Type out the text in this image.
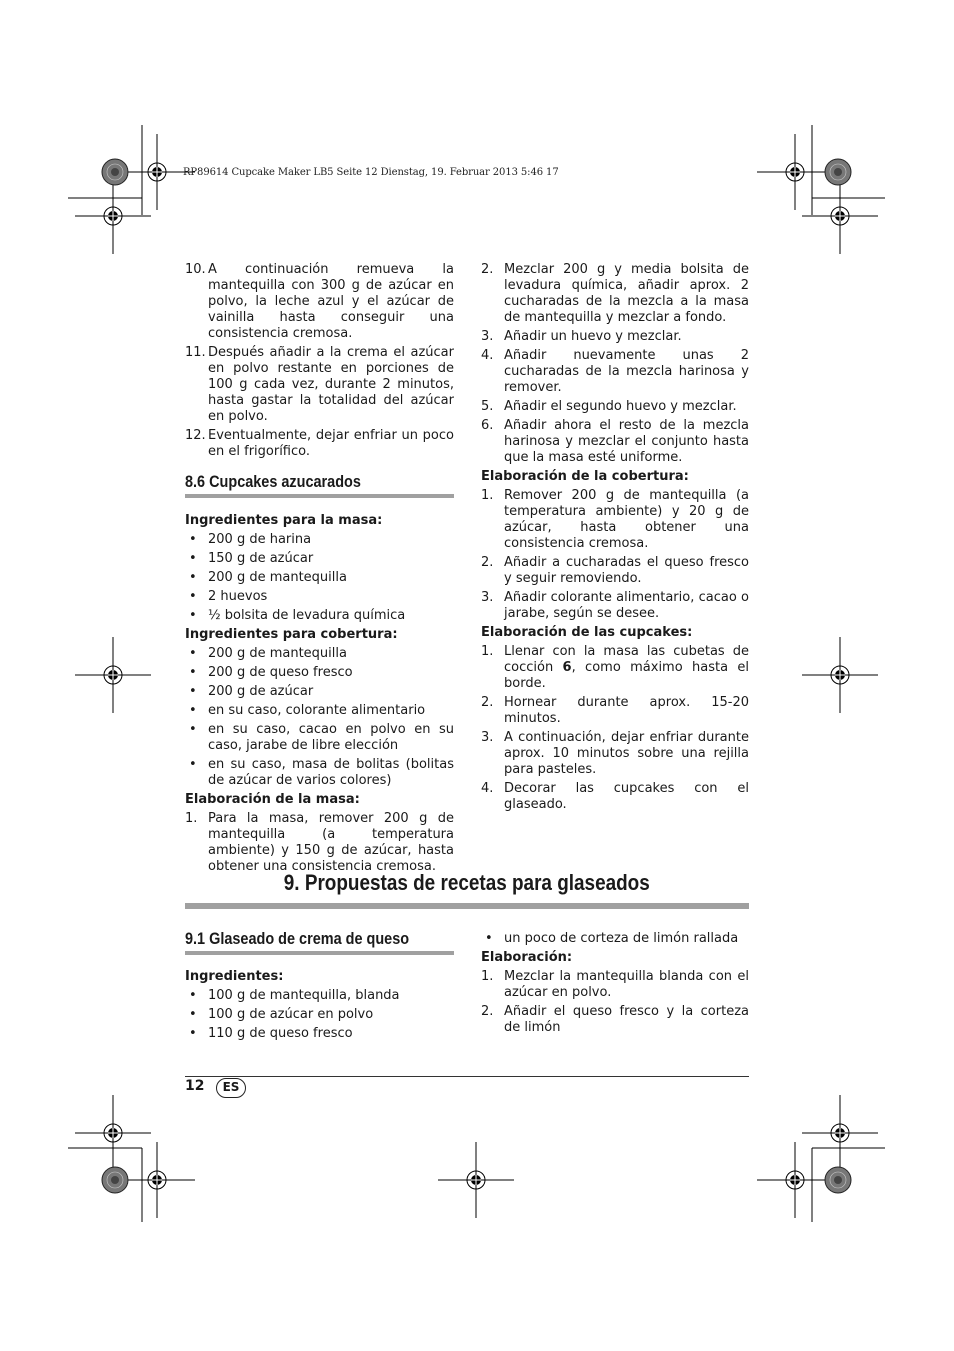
RP89614 Cupcake Maker LB5 Seite 12 Dienstag, 19. Februar 2013 5:46 17
10. A continuación remueva la mantequilla con 300 g de azúcar en polvo, la leche azul y el azúcar de vainilla hasta conseguir una consistencia cremosa.
11. Después añadir a la crema el azúcar en polvo restante en porciones de 100 g cada vez, durante 2 minutos, hasta gastar la totalidad del azúcar en polvo.
12. Eventualmente, dejar enfriar un poco en el frigorífico.
8.6 Cupcakes azucarados
Ingredientes para la masa:
• 200 g de harina
• 150 g de azúcar
• 200 g de mantequilla
• 2 huevos
• ½ bolsita de levadura química
Ingredientes para cobertura:
• 200 g de mantequilla
• 200 g de queso fresco
• 200 g de azúcar
• en su caso, colorante alimentario
• en su caso, cacao en polvo en su caso, jarabe de libre elección
• en su caso, masa de bolitas (bolitas de azúcar de varios colores)
Elaboración de la masa:
1. Para la masa, remover 200 g de mantequilla (a temperatura ambiente) y 150 g de azúcar, hasta obtener una consistencia cremosa.
2. Mezclar 200 g y media bolsita de levadura química, añadir aprox. 2 cucharadas de la mezcla a la masa de mantequilla y mezclar a fondo.
3. Añadir un huevo y mezclar.
4. Añadir nuevamente unas 2 cucharadas de la mezcla harinosa y remover.
5. Añadir el segundo huevo y mezclar.
6. Añadir ahora el resto de la mezcla harinosa y mezclar el conjunto hasta que la masa esté uniforme.
Elaboración de la cobertura:
1. Remover 200 g de mantequilla (a temperatura ambiente) y 20 g de azúcar, hasta obtener una consistencia cremosa.
2. Añadir a cucharadas el queso fresco y seguir removiendo.
3. Añadir colorante alimentario, cacao o jarabe, según se desee.
Elaboración de las cupcakes:
1. Llenar con la masa las cubetas de cocción 6, como máximo hasta el borde.
2. Hornear durante aprox. 15-20 minutos.
3. A continuación, dejar enfriar durante aprox. 10 minutos sobre una rejilla para pasteles.
4. Decorar las cupcakes con el glaseado.
9. Propuestas de recetas para glaseados
9.1 Glaseado de crema de queso
Ingredientes:
• 100 g de mantequilla, blanda
• 100 g de azúcar en polvo
• 110 g de queso fresco
• un poco de corteza de limón rallada
Elaboración:
1. Mezclar la mantequilla blanda con el azúcar en polvo.
2. Añadir el queso fresco y la corteza de limón
12	ES
